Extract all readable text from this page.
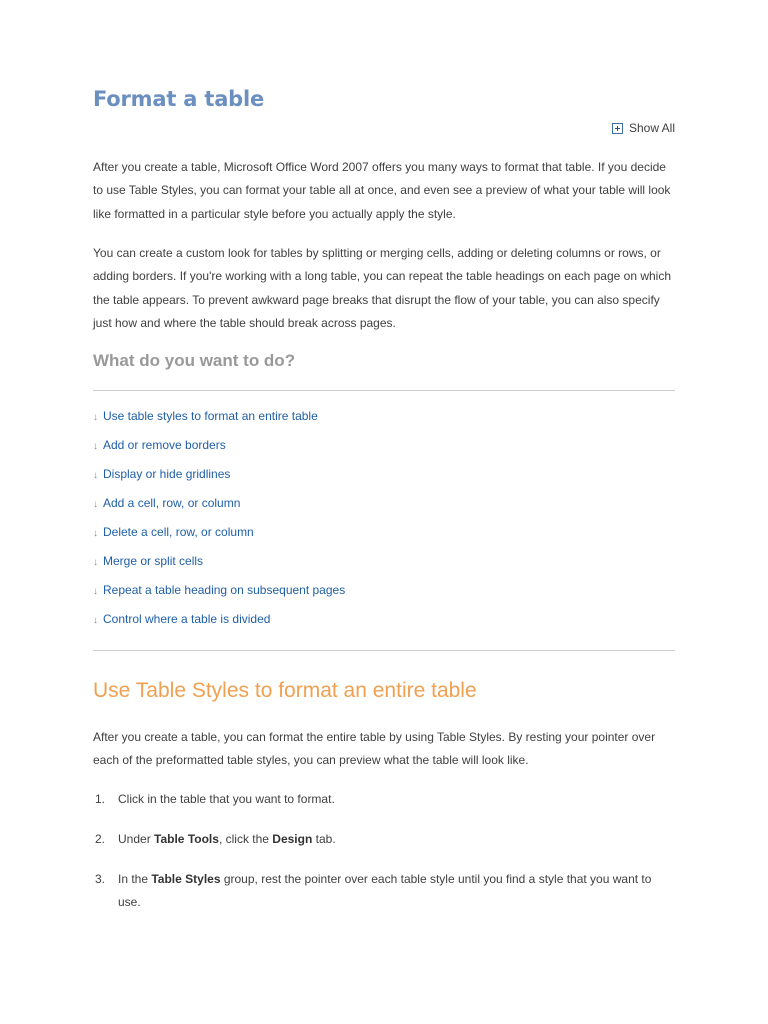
Format a table
Show All

After you create a table, Microsoft Office Word 2007 offers you many ways to format that table. If you decide to use Table Styles, you can format your table all at once, and even see a preview of what your table will look like formatted in a particular style before you actually apply the style.

You can create a custom look for tables by splitting or merging cells, adding or deleting columns or rows, or adding borders. If you're working with a long table, you can repeat the table headings on each page on which the table appears. To prevent awkward page breaks that disrupt the flow of your table, you can also specify just how and where the table should break across pages.

What do you want to do?
↓ Use table styles to format an entire table
↓ Add or remove borders
↓ Display or hide gridlines
↓ Add a cell, row, or column
↓ Delete a cell, row, or column
↓ Merge or split cells
↓ Repeat a table heading on subsequent pages
↓ Control where a table is divided
Use Table Styles to format an entire table

After you create a table, you can format the entire table by using Table Styles. By resting your pointer over each of the preformatted table styles, you can preview what the table will look like.

1. Click in the table that you want to format.
2. Under Table Tools, click the Design tab.
3. In the Table Styles group, rest the pointer over each table style until you find a style that you want to use.
